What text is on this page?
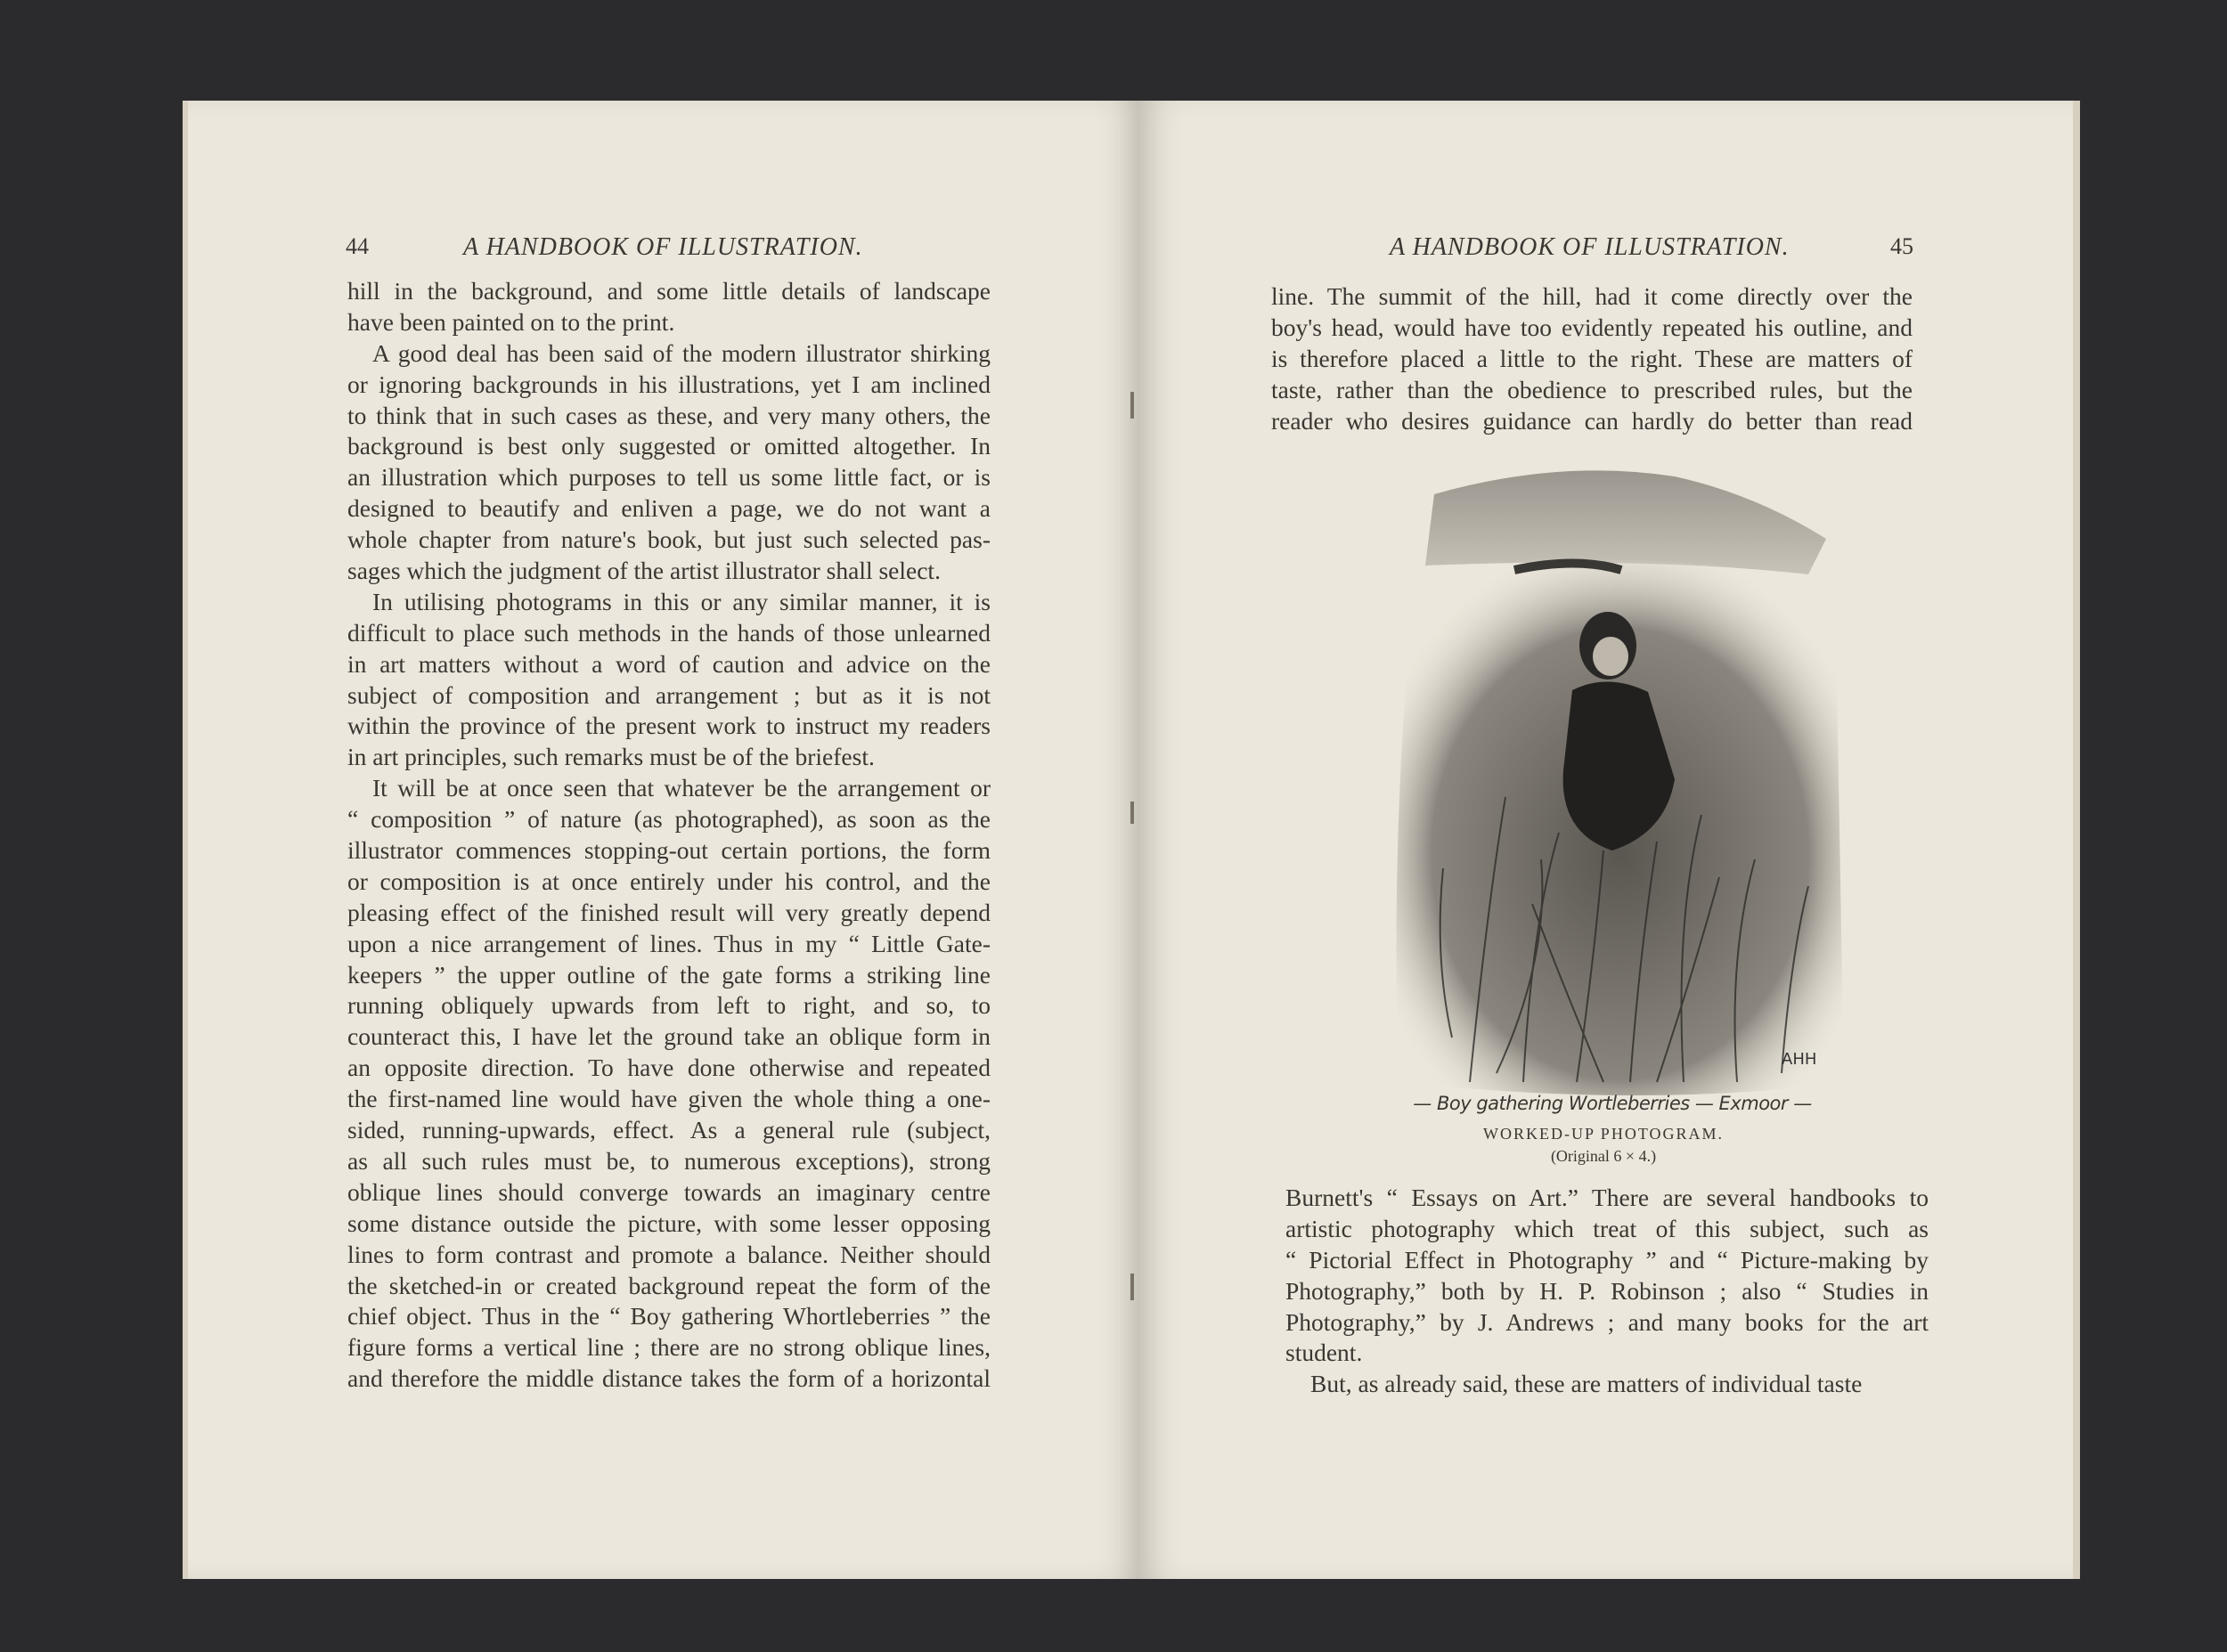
44	A HANDBOOK OF ILLUSTRATION.	A HANDBOOK OF ILLUSTRATION.	45
hill in the background, and some little details of landscape
have been painted on to the print.
A good deal has been said of the modern illustrator shirking
or ignoring backgrounds in his illustrations, yet I am inclined
to think that in such cases as these, and very many others, the
background is best only suggested or omitted altogether. In
an illustration which purposes to tell us some little fact, or is
designed to beautify and enliven a page, we do not want a
whole chapter from nature's book, but just such selected pas-
sages which the judgment of the artist illustrator shall select.
In utilising photograms in this or any similar manner, it is
difficult to place such methods in the hands of those unlearned
in art matters without a word of caution and advice on the
subject of composition and arrangement ; but as it is not
within the province of the present work to instruct my readers
in art principles, such remarks must be of the briefest.
It will be at once seen that whatever be the arrangement or
“ composition ” of nature (as photographed), as soon as the
illustrator commences stopping-out certain portions, the form
or composition is at once entirely under his control, and the
pleasing effect of the finished result will very greatly depend
upon a nice arrangement of lines. Thus in my “ Little Gate-
keepers ” the upper outline of the gate forms a striking line
running obliquely upwards from left to right, and so, to
counteract this, I have let the ground take an oblique form in
an opposite direction. To have done otherwise and repeated
the first-named line would have given the whole thing a one-
sided, running-upwards, effect. As a general rule (subject,
as all such rules must be, to numerous exceptions), strong
oblique lines should converge towards an imaginary centre
some distance outside the picture, with some lesser opposing
lines to form contrast and promote a balance. Neither should
the sketched-in or created background repeat the form of the
chief object. Thus in the “ Boy gathering Whortleberries ” the
figure forms a vertical line ; there are no strong oblique lines,
and therefore the middle distance takes the form of a horizontal
line. The summit of the hill, had it come directly over the
boy's head, would have too evidently repeated his outline, and
is therefore placed a little to the right. These are matters of
taste, rather than the obedience to prescribed rules, but the
reader who desires guidance can hardly do better than read
Burnett's “ Essays on Art.” There are several handbooks to
artistic photography which treat of this subject, such as
“ Pictorial Effect in Photography ” and “ Picture-making by
Photography,” both by H. P. Robinson ; also “ Studies in
Photography,” by J. Andrews ; and many books for the art
student.
But, as already said, these are matters of individual taste
AHH
— Boy gathering Wortleberries — Exmoor —
WORKED-UP PHOTOGRAM.
(Original 6 × 4.)
